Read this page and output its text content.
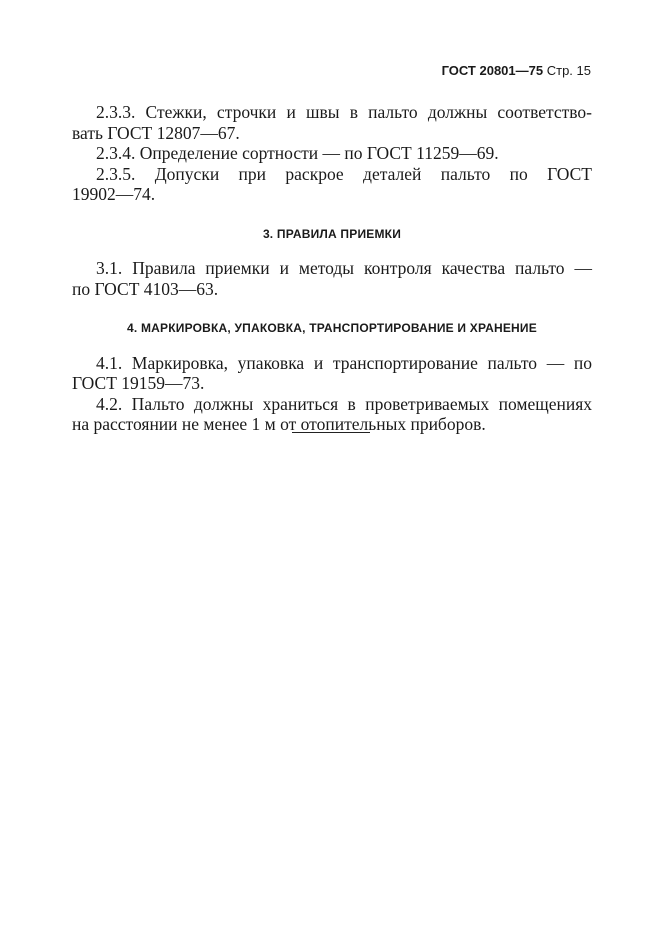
ГОСТ 20801—75 Стр. 15
2.3.3. Стежки, строчки и швы в пальто должны соответство-
вать ГОСТ 12807—67.
2.3.4. Определение сортности — по ГОСТ 11259—69.
2.3.5. Допуски при раскрое деталей пальто по ГОСТ
19902—74.

3. ПРАВИЛА ПРИЕМКИ

3.1. Правила приемки и методы контроля качества пальто —
по ГОСТ 4103—63.

4. МАРКИРОВКА, УПАКОВКА, ТРАНСПОРТИРОВАНИЕ И ХРАНЕНИЕ

4.1. Маркировка, упаковка и транспортирование пальто — по
ГОСТ 19159—73.
4.2. Пальто должны храниться в проветриваемых помещениях
на расстоянии не менее 1 м от отопительных приборов.
